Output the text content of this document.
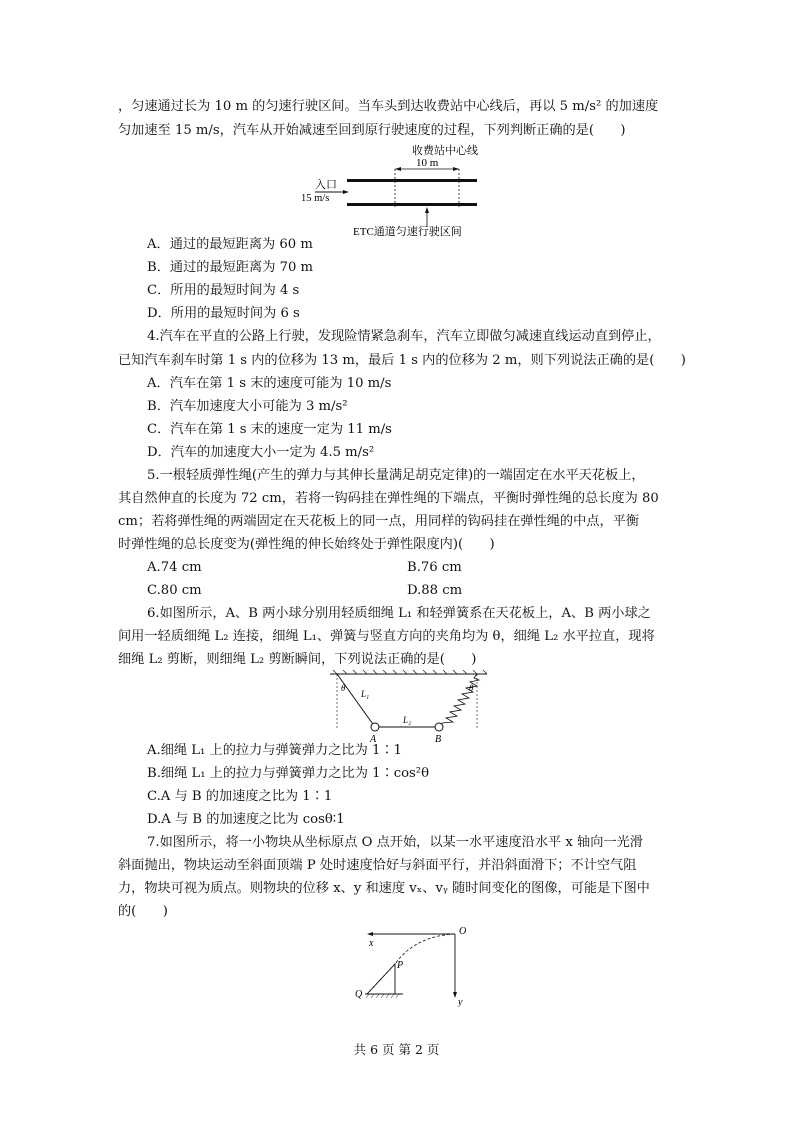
，匀速通过长为 10 m 的匀速行驶区间。当车头到达收费站中心线后，再以 5 m/s² 的加速度
匀加速至 15 m/s，汽车从开始减速至回到原行驶速度的过程，下列判断正确的是(　　)
收费站中心线
10 m
入口
15 m/s
ETC通道匀速行驶区间
A．通过的最短距离为 60 m
B．通过的最短距离为 70 m
C．所用的最短时间为 4 s
D．所用的最短时间为 6 s
4.汽车在平直的公路上行驶，发现险情紧急刹车，汽车立即做匀减速直线运动直到停止，
已知汽车刹车时第 1 s 内的位移为 13 m，最后 1 s 内的位移为 2 m，则下列说法正确的是(　　)
A．汽车在第 1 s 末的速度可能为 10 m/s
B．汽车加速度大小可能为 3 m/s²
C．汽车在第 1 s 末的速度一定为 11 m/s
D．汽车的加速度大小一定为 4.5 m/s²
5.一根轻质弹性绳(产生的弹力与其伸长量满足胡克定律)的一端固定在水平天花板上，
其自然伸直的长度为 72 cm，若将一钩码挂在弹性绳的下端点，平衡时弹性绳的总长度为 80
cm；若将弹性绳的两端固定在天花板上的同一点，用同样的钩码挂在弹性绳的中点，平衡
时弹性绳的总长度变为(弹性绳的伸长始终处于弹性限度内)(　　)
A.74 cm	B.76 cm
C.80 cm	D.88 cm
6.如图所示，A、B 两小球分别用轻质细绳 L₁ 和轻弹簧系在天花板上，A、B 两小球之
间用一轻质细绳 L₂ 连接，细绳 L₁、弹簧与竖直方向的夹角均为 θ，细绳 L₂ 水平拉直，现将
细绳 L₂ 剪断，则细绳 L₂ 剪断瞬间，下列说法正确的是(　　)
θ	θ
L₁
L₂
A	B
A.细绳 L₁ 上的拉力与弹簧弹力之比为 1∶1
B.细绳 L₁ 上的拉力与弹簧弹力之比为 1∶cos²θ
C.A 与 B 的加速度之比为 1∶1
D.A 与 B 的加速度之比为 cosθ∶1
7.如图所示，将一小物块从坐标原点 O 点开始，以某一水平速度沿水平 x 轴向一光滑
斜面抛出，物块运动至斜面顶端 P 处时速度恰好与斜面平行，并沿斜面滑下；不计空气阻
力，物块可视为质点。则物块的位移 x、y 和速度 vₓ、vᵧ 随时间变化的图像，可能是下图中
的(　　)
x
y
O
P
Q
共 6 页 第 2 页
